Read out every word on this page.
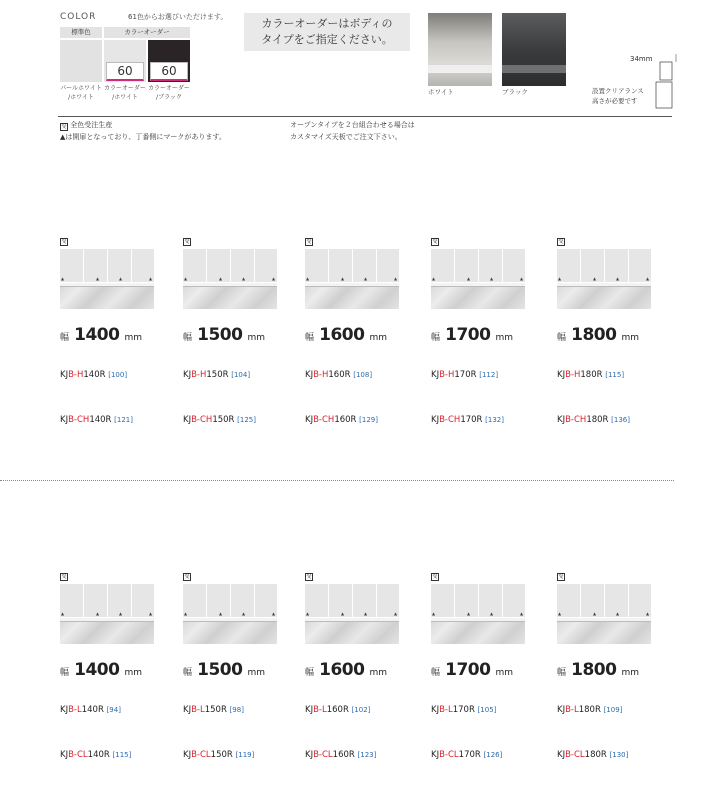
COLOR	61色からお選びいただけます。
標準色	カラーオーダー
60	60
パールホワイト
/ホワイト
カラーオーダー
/ホワイト
カラーオーダー
/ブラック
カラーオーダーはボディの
タイプをご指定ください。
ホワイト	ブラック
34mm
設置クリアランス
高さが必要です
受 全色受注生産
▲は開扉となっており、丁番側にマークがあります。
オープンタイプを２台組合わせる場合は
カスタマイズ天板でご注文下さい。
受
▲	▲	▲	▲
幅 1400 mm
KJB-H140R [100]
KJB-CH140R [121]
受
▲	▲	▲	▲
幅 1500 mm
KJB-H150R [104]
KJB-CH150R [125]
受
▲	▲	▲	▲
幅 1600 mm
KJB-H160R [108]
KJB-CH160R [129]
受
▲	▲	▲	▲
幅 1700 mm
KJB-H170R [112]
KJB-CH170R [132]
受
▲	▲	▲	▲
幅 1800 mm
KJB-H180R [115]
KJB-CH180R [136]
受
▲	▲	▲	▲
幅 1400 mm
KJB-L140R [94]
KJB-CL140R [115]
受
▲	▲	▲	▲
幅 1500 mm
KJB-L150R [98]
KJB-CL150R [119]
受
▲	▲	▲	▲
幅 1600 mm
KJB-L160R [102]
KJB-CL160R [123]
受
▲	▲	▲	▲
幅 1700 mm
KJB-L170R [105]
KJB-CL170R [126]
受
▲	▲	▲	▲
幅 1800 mm
KJB-L180R [109]
KJB-CL180R [130]
